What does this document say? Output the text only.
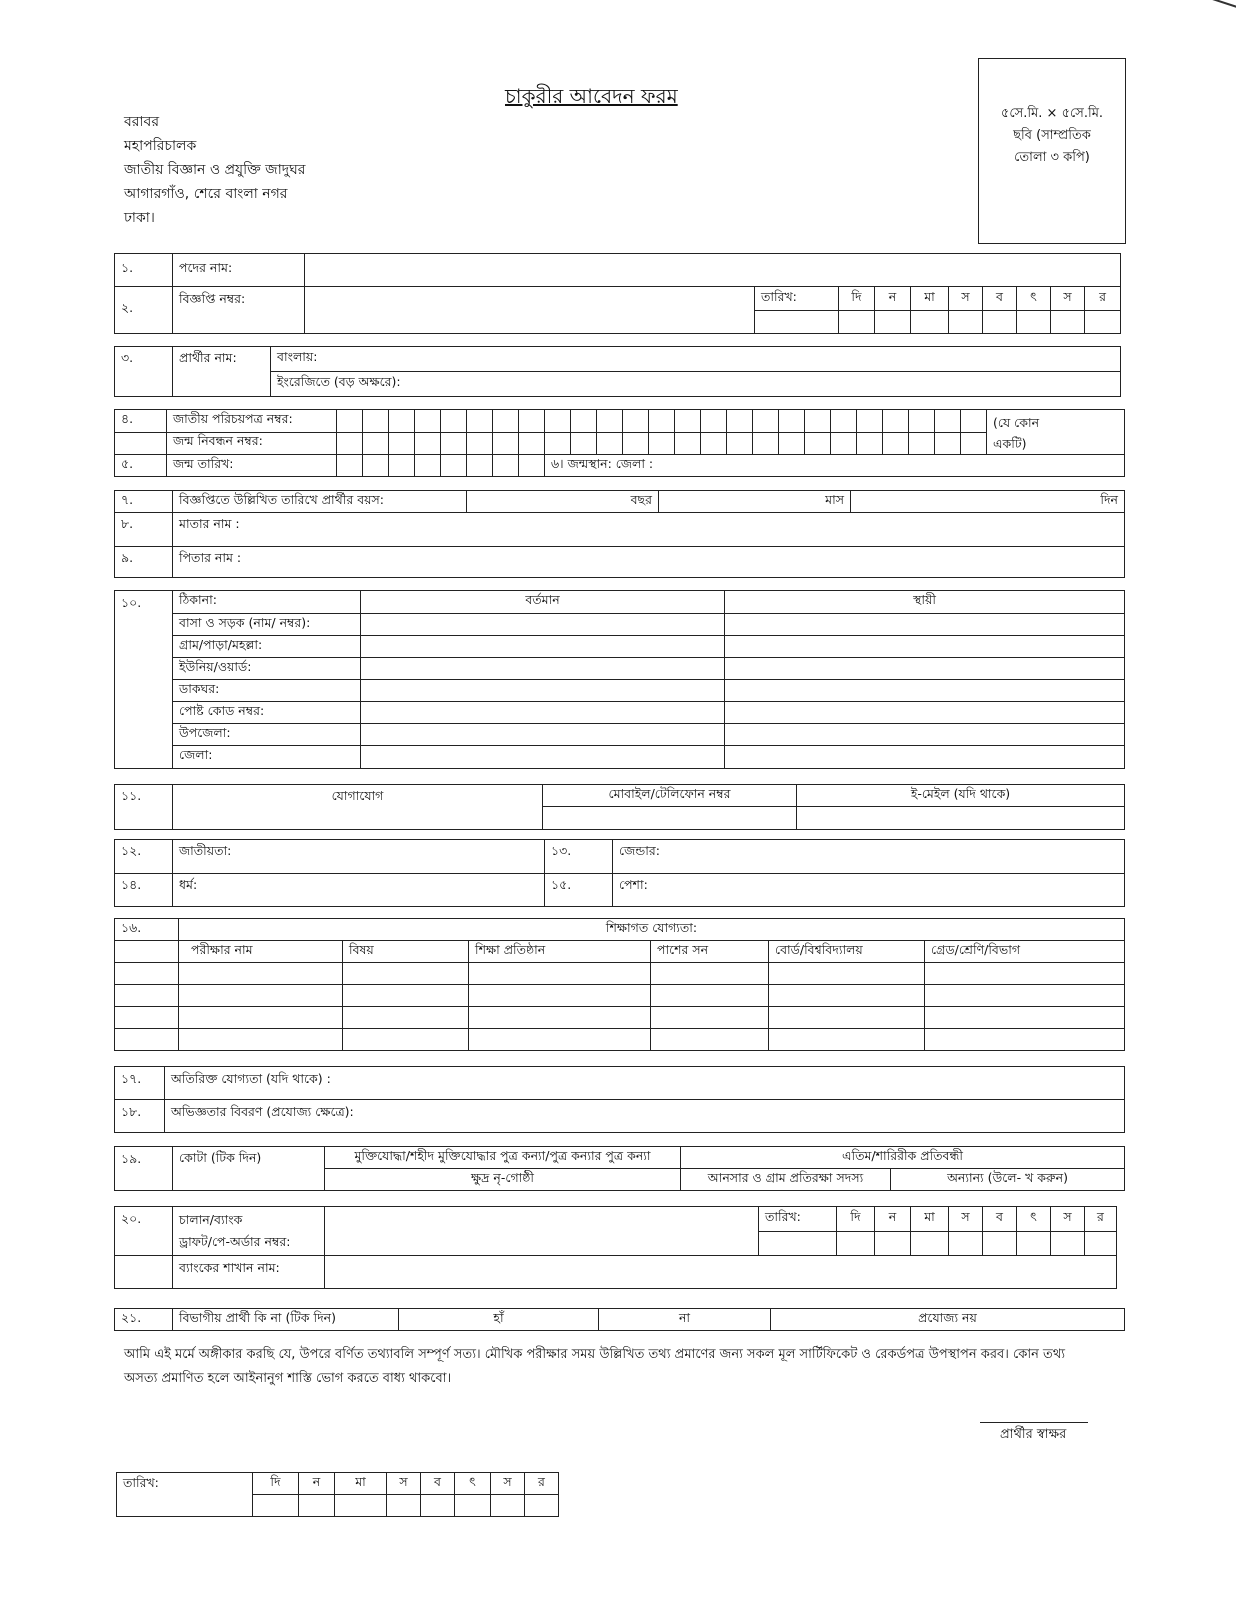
চাকুরীর আবেদন ফরম
বরাবর
মহাপরিচালক
জাতীয় বিজ্ঞান ও প্রযুক্তি জাদুঘর
আগারগাঁও, শেরে বাংলা নগর
ঢাকা।
৫সে.মি. × ৫সে.মি.
ছবি (সাম্প্রতিক
তোলা ৩ কপি)
১.	পদের নাম:										
২.	বিজ্ঞপ্তি নম্বর:		তারিখ:	দি	ন	মা	স	ব	ৎ	স	র

৩.	প্রার্থীর নাম:	বাংলায়:
ইংরেজিতে (বড় অক্ষরে):
৪.	জাতীয় পরিচয়পত্র নম্বর:																										(যে কোন
একটি)

	জন্ম নিবন্ধন নম্বর:																										
৫.	জন্ম তারিখ:									৬। জন্মস্থান: জেলা :																	
৭.	বিজ্ঞপ্তিতে উল্লিখিত তারিখে প্রার্থীর বয়স:	বছর	মাস	দিন
৮.	মাতার নাম :			
৯.	পিতার নাম :			
১০.	ঠিকানা:	বর্তমান	স্থায়ী
	বাসা ও সড়ক (নাম/ নম্বর):		
	গ্রাম/পাড়া/মহল্লা:		
	ইউনিয়/ওয়ার্ড:		
	ডাকঘর:		
	পোষ্ট কোড নম্বর:		
	উপজেলা:		
	জেলা:		
১১.	যোগাযোগ	মোবাইল/টেলিফোন নম্বর	ই-মেইল (যদি থাকে)

১২.	জাতীয়তা:	১৩.	জেন্ডার:
১৪.	ধর্ম:	১৫.	পেশা:
১৬.	শিক্ষাগত যোগ্যতা:					
	পরীক্ষার নাম	বিষয়	শিক্ষা প্রতিষ্ঠান	পাশের সন	বোর্ড/বিশ্ববিদ্যালয়	গ্রেড/শ্রেণি/বিভাগ

১৭.	অতিরিক্ত যোগ্যতা (যদি থাকে) :
১৮.	অভিজ্ঞতার বিবরণ (প্রযোজ্য ক্ষেত্রে):
১৯.	কোটা (টিক দিন)	মুক্তিযোদ্ধা/শহীদ মুক্তিযোদ্ধার পুত্র কন্যা/পুত্র কন্যার পুত্র কন্যা	এতিম/শারিরীক প্রতিবন্ধী	
		ক্ষুদ্র নৃ-গোষ্ঠী	আনসার ও গ্রাম প্রতিরক্ষা সদস্য	অন্যান্য (উলে- খ করুন)
২০.	চালান/ব্যাংক
ড্রাফট/পে-অর্ডার নম্বর:		তারিখ:	দি	ন	মা	স	ব	ৎ	স	র

	ব্যাংকের শাখান নাম:										
২১.	বিভাগীয় প্রার্থী কি না (টিক দিন)	হাঁ	না	প্রযোজ্য নয়
আমি এই মর্মে অঙ্গীকার করছি যে, উপরে বর্ণিত তথ্যাবলি সম্পূর্ণ সত্য। মৌখিক পরীক্ষার সময় উল্লিখিত তথ্য প্রমাণের জন্য সকল মূল সার্টিফিকেট ও রেকর্ডপত্র উপস্থাপন করব। কোন তথ্য অসত্য প্রমাণিত হলে আইনানুগ শাস্তি ভোগ করতে বাধ্য থাকবো।
প্রার্থীর স্বাক্ষর
তারিখ:	দি	ন	মা	স	ব	ৎ	স	র
